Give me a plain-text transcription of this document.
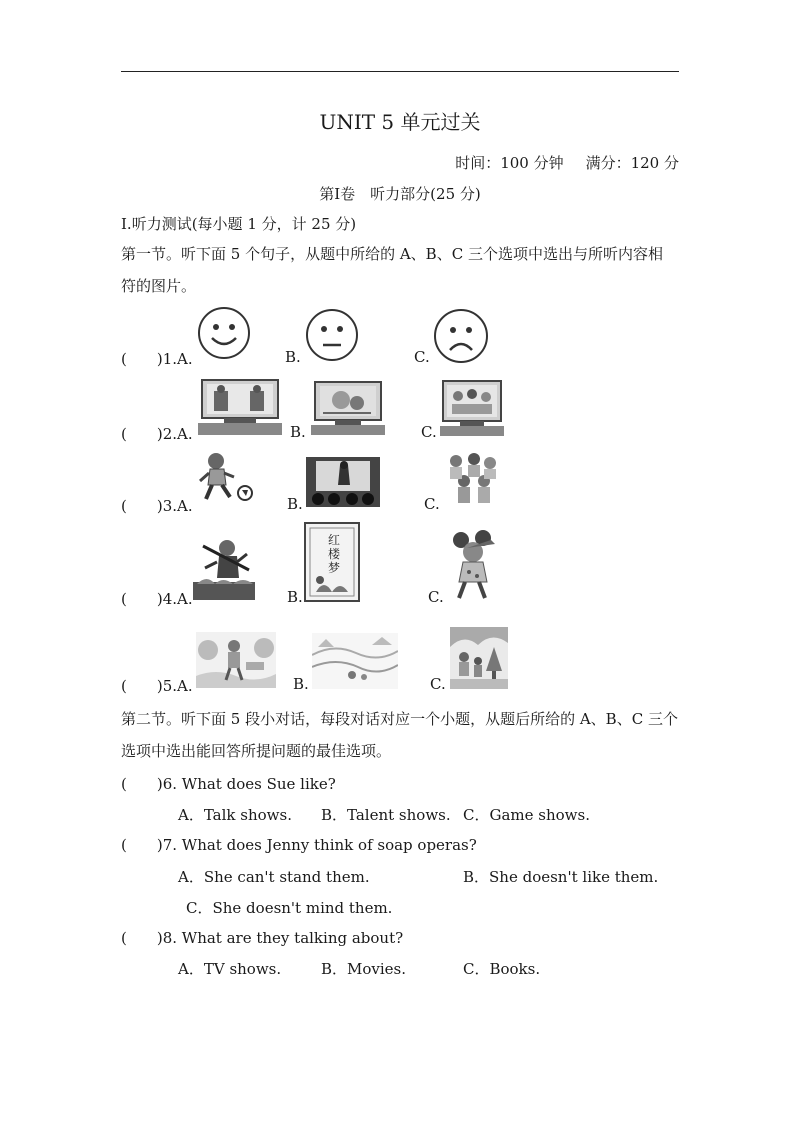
UNIT 5 单元过关
时间：100 分钟 满分：120 分
第Ⅰ卷　听力部分(25 分)
Ⅰ.听力测试(每小题 1 分，计 25 分)
第一节。听下面 5 个句子，从题中所给的 A、B、C 三个选项中选出与所听内容相
符的图片。
(　　)1.A.	B.	C.
(　　)2.A.	B.	C.
(　　)3.A.	B.	C.
(　　)4.A.	B.
红
楼
梦
C.
(　　)5.A.	B.	C.
第二节。听下面 5 段小对话，每段对话对应一个小题，从题后所给的 A、B、C 三个
选项中选出能回答所提问题的最佳选项。
(　　)6. What does Sue like?
A．Talk shows. B．Talent shows. C．Game shows.
(　　)7. What does Jenny think of soap operas?
A．She can't stand them.	B．She doesn't like them.
C．She doesn't mind them.
(　　)8. What are they talking about?
A．TV shows.	B．Movies.	C．Books.
